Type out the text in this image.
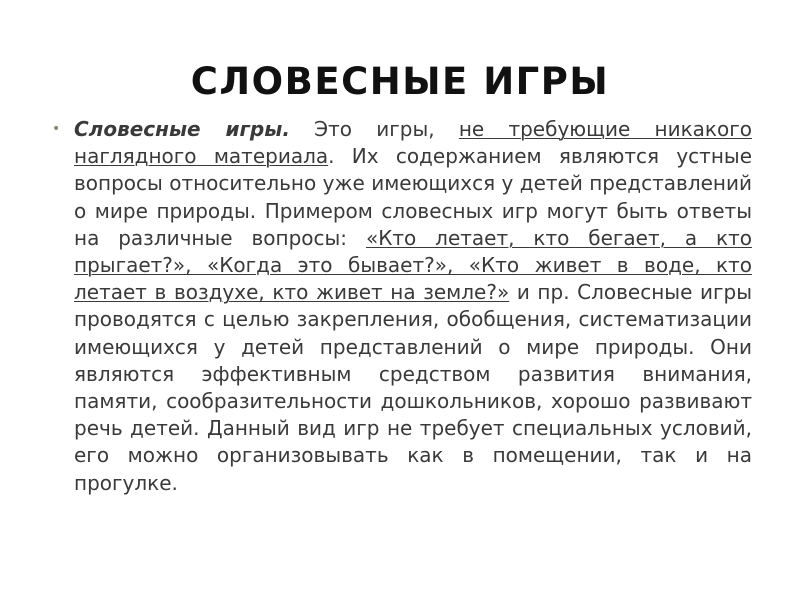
СЛОВЕСНЫЕ ИГРЫ
• Словесные игры. Это игры, не требующие никакого наглядного материала. Их содержанием являются устные вопросы относительно уже имеющихся у детей представлений о мире природы. Примером словесных игр могут быть ответы на различные вопросы: «Кто летает, кто бегает, а кто прыгает?», «Когда это бывает?», «Кто живет в воде, кто летает в воздухе, кто живет на земле?» и пр. Словесные игры проводятся с целью закрепления, обобщения, систематизации имеющихся у детей представлений о мире природы. Они являются эффективным средством развития внимания, памяти, сообразительности дошкольников, хорошо развивают речь детей. Данный вид игр не требует специальных условий, его можно организовывать как в помещении, так и на прогулке.
